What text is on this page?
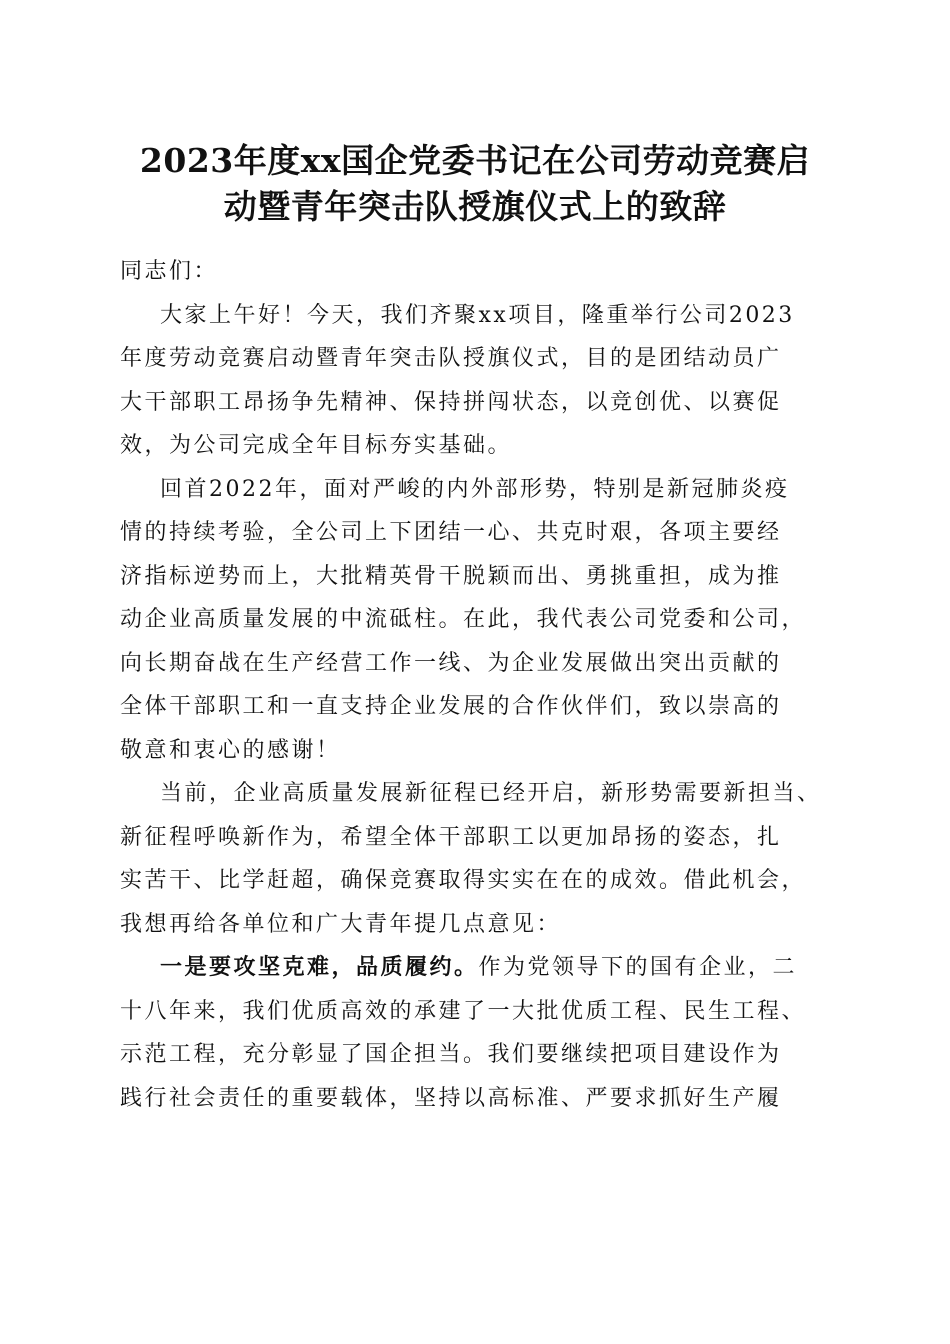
2023年度xx国企党委书记在公司劳动竞赛启
动暨青年突击队授旗仪式上的致辞
同志们：
大家上午好！今天，我们齐聚xx项目，隆重举行公司2023
年度劳动竞赛启动暨青年突击队授旗仪式，目的是团结动员广
大干部职工昂扬争先精神、保持拼闯状态，以竞创优、以赛促
效，为公司完成全年目标夯实基础。
回首2022年，面对严峻的内外部形势，特别是新冠肺炎疫
情的持续考验，全公司上下团结一心、共克时艰，各项主要经
济指标逆势而上，大批精英骨干脱颖而出、勇挑重担，成为推
动企业高质量发展的中流砥柱。在此，我代表公司党委和公司，
向长期奋战在生产经营工作一线、为企业发展做出突出贡献的
全体干部职工和一直支持企业发展的合作伙伴们，致以崇高的
敬意和衷心的感谢！
当前，企业高质量发展新征程已经开启，新形势需要新担当、
新征程呼唤新作为，希望全体干部职工以更加昂扬的姿态，扎
实苦干、比学赶超，确保竞赛取得实实在在的成效。借此机会，
我想再给各单位和广大青年提几点意见：
一是要攻坚克难，品质履约。作为党领导下的国有企业，二
十八年来，我们优质高效的承建了一大批优质工程、民生工程、
示范工程，充分彰显了国企担当。我们要继续把项目建设作为
践行社会责任的重要载体，坚持以高标准、严要求抓好生产履
